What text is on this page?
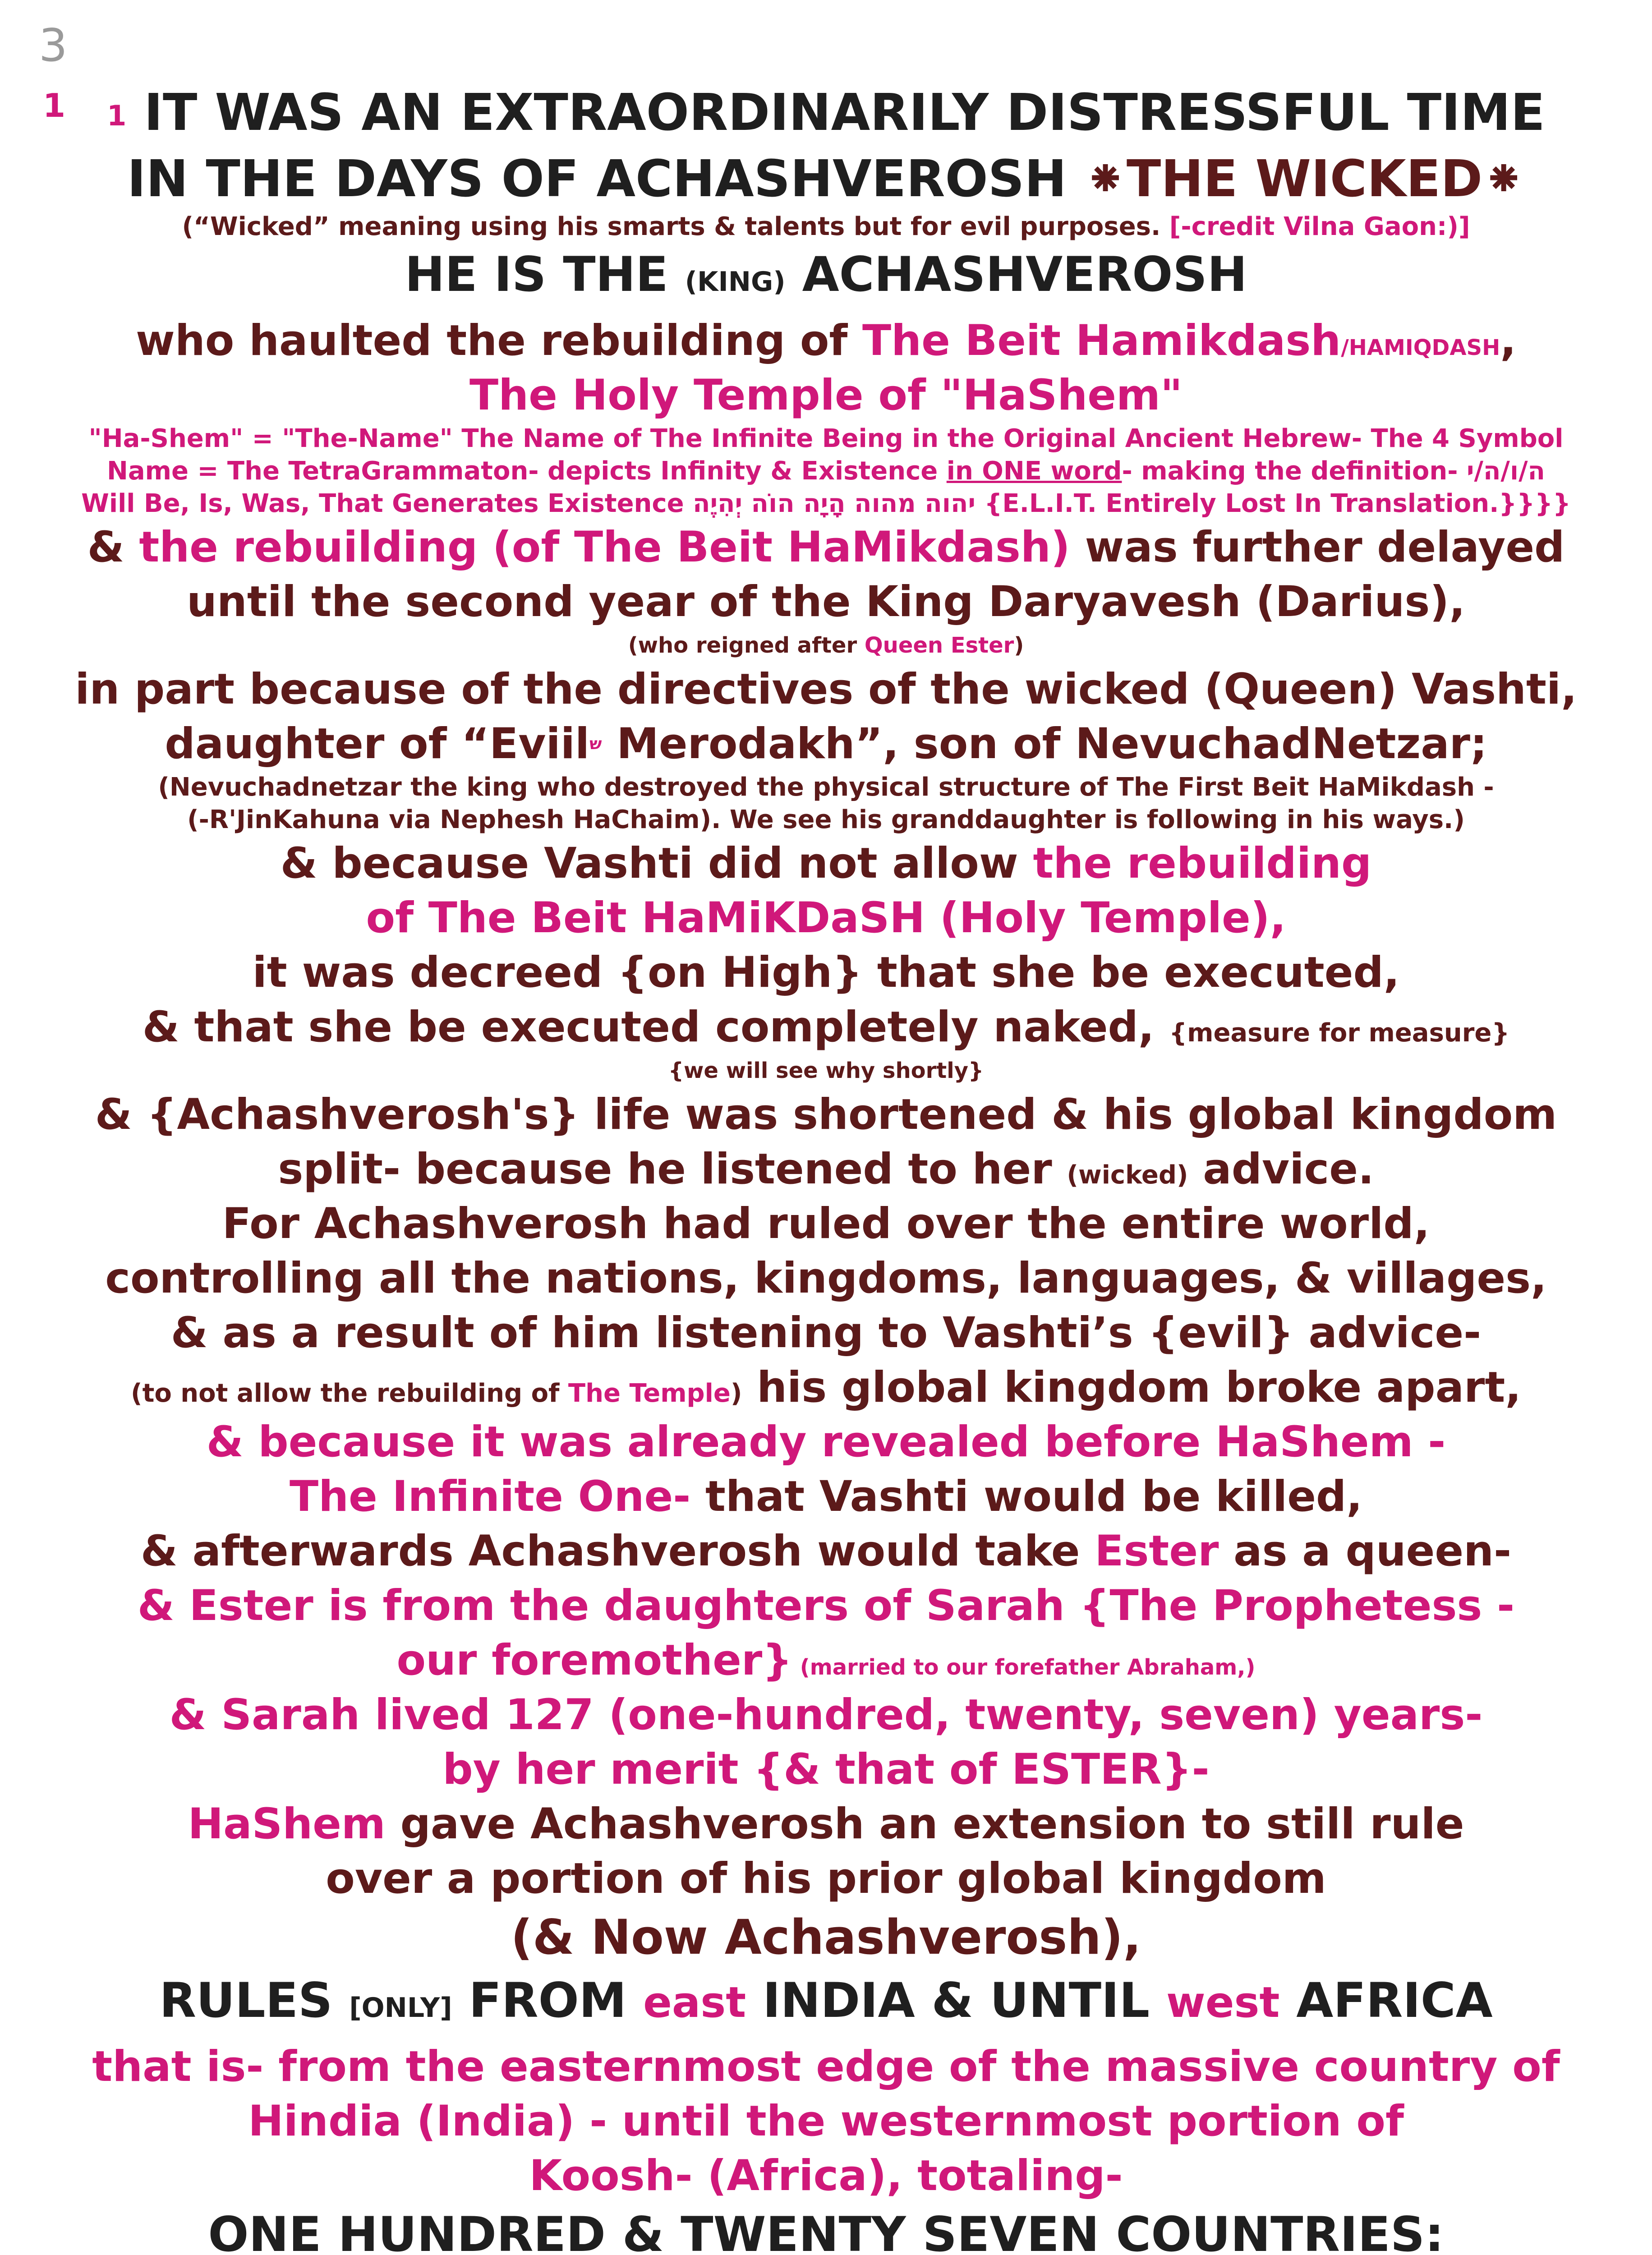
3
1	1 IT WAS AN EXTRAORDINARILY DISTRESSFUL TIME

IN THE DAYS OF ACHASHVEROSH ⁕THE WICKED⁕

(“Wicked” meaning using his smarts & talents but for evil purposes. [-credit Vilna Gaon:)]

HE IS THE (KING) ACHASHVEROSH

who haulted the rebuilding of The Beit Hamikdash/HAMIQDASH,

The Holy Temple of "HaShem"

"Ha-Shem" = "The-Name" The Name of The Infinite Being in the Original Ancient Hebrew- The 4 Symbol

Name = The TetraGrammaton- depicts Infinity & Existence in ONE word- making the definition- ה/ו/ה/י

Will Be, Is, Was, That Generates Existence יהוה מהוה הָיָה הוֹה יְהִיֶה {E.L.I.T. Entirely Lost In Translation.}}}}

& the rebuilding (of The Beit HaMikdash) was further delayed

until the second year of the King Daryavesh (Darius),

(who reigned after Queen Ester)

in part because of the directives of the wicked (Queen) Vashti,

daughter of “Eviil$^ש$ Merodakh”, son of NevuchadNetzar;

(Nevuchadnetzar the king who destroyed the physical structure of The First Beit HaMikdash -

(-R'JinKahuna via Nephesh HaChaim). We see his granddaughter is following in his ways.)

& because Vashti did not allow the rebuilding

of The Beit HaMiKDaSH (Holy Temple),

it was decreed {on High} that she be executed,

& that she be executed completely naked, {measure for measure}

{we will see why shortly}

& {Achashverosh's} life was shortened & his global kingdom

split- because he listened to her (wicked) advice.

For Achashverosh had ruled over the entire world,

controlling all the nations, kingdoms, languages, & villages,

& as a result of him listening to Vashti’s {evil} advice-

(to not allow the rebuilding of The Temple) his global kingdom broke apart,

& because it was already revealed before HaShem -

The Infinite One- that Vashti would be killed,

& afterwards Achashverosh would take Ester as a queen-

& Ester is from the daughters of Sarah {The Prophetess -

our foremother} (married to our forefather Abraham,)

& Sarah lived 127 (one-hundred, twenty, seven) years-

by her merit {& that of ESTER}-

HaShem gave Achashverosh an extension to still rule

over a portion of his prior global kingdom

(& Now Achashverosh),

RULES [ONLY] FROM east INDIA & UNTIL west AFRICA

that is- from the easternmost edge of the massive country of

Hindia (India) - until the westernmost portion of

Koosh- (Africa), totaling-

ONE HUNDRED & TWENTY SEVEN COUNTRIES:
